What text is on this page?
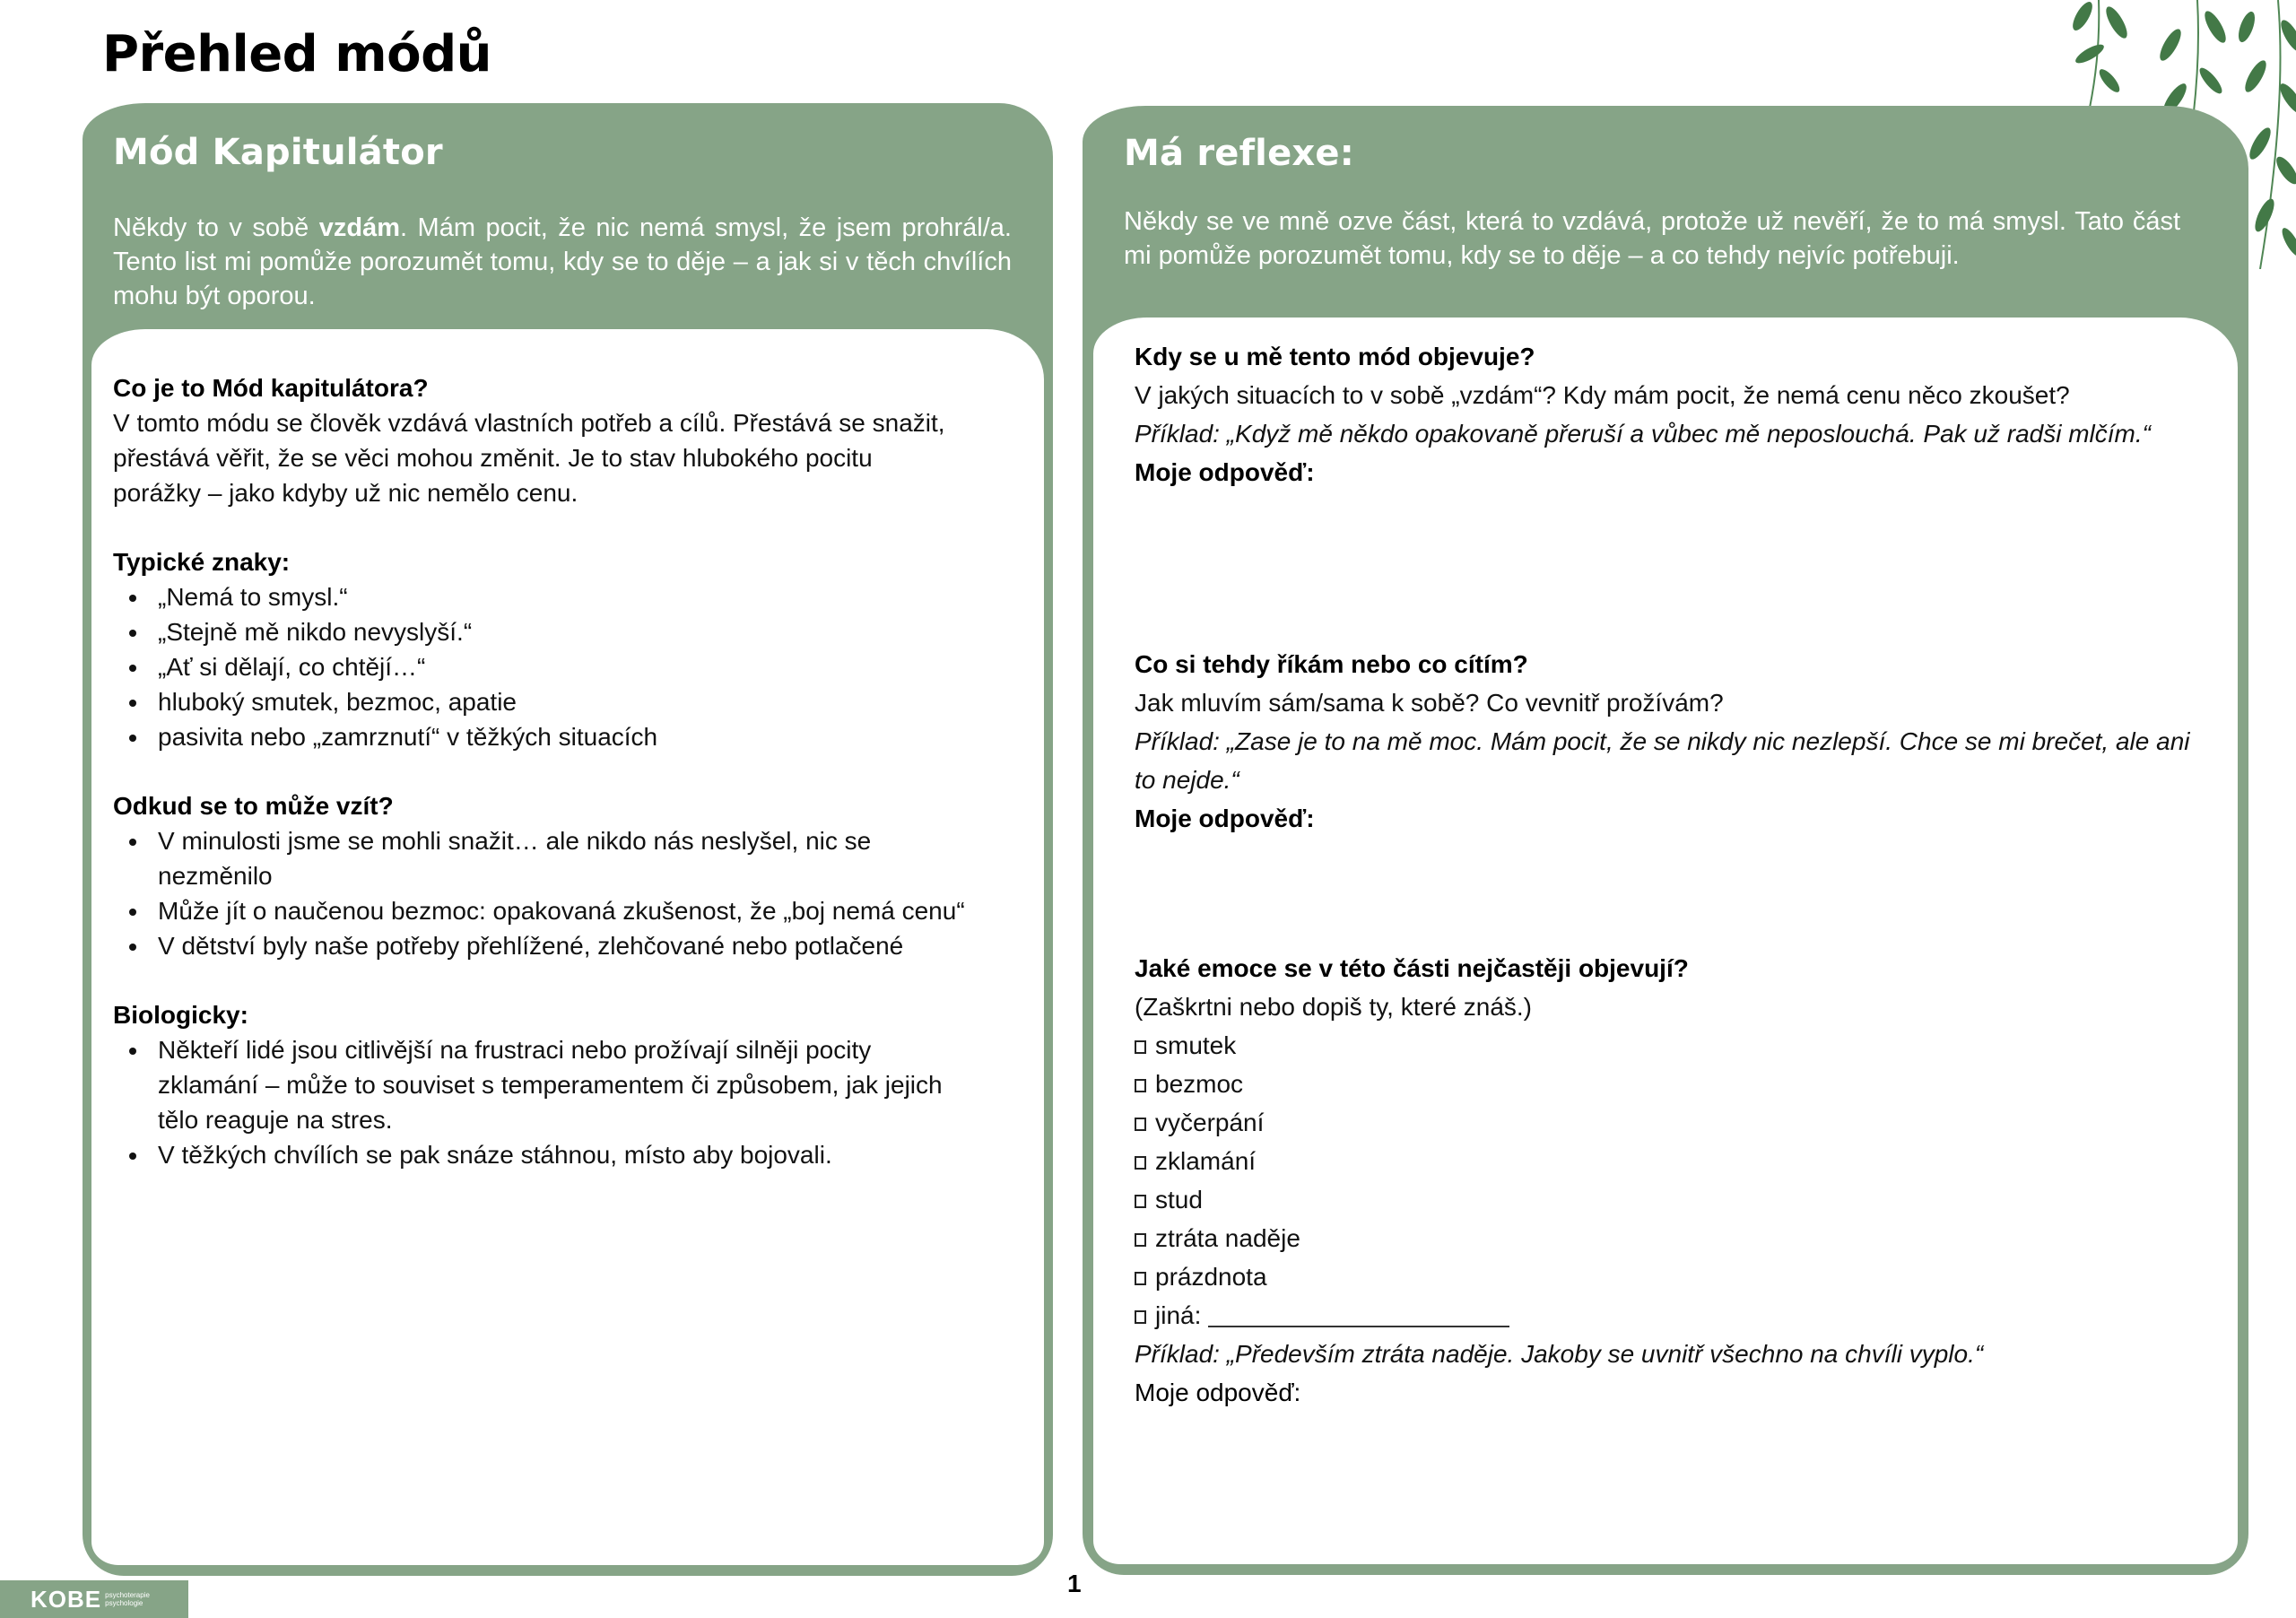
Přehled módů
Mód Kapitulátor
Někdy to v sobě vzdám. Mám pocit, že nic nemá smysl, že jsem prohrál/a. Tento list mi pomůže porozumět tomu, kdy se to děje – a jak si v těch chvílích mohu být oporou.
Co je to Mód kapitulátora?
V tomto módu se člověk vzdává vlastních potřeb a cílů. Přestává se snažit, přestává věřit, že se věci mohou změnit. Je to stav hlubokého pocitu porážky – jako kdyby už nic nemělo cenu.
Typické znaky:
„Nemá to smysl.“
„Stejně mě nikdo nevyslyší.“
„Ať si dělají, co chtějí…“
hluboký smutek, bezmoc, apatie
pasivita nebo „zamrznutí“ v těžkých situacích
Odkud se to může vzít?
V minulosti jsme se mohli snažit… ale nikdo nás neslyšel, nic se nezměnilo
Může jít o naučenou bezmoc: opakovaná zkušenost, že „boj nemá cenu“
V dětství byly naše potřeby přehlížené, zlehčované nebo potlačené
Biologicky:
Někteří lidé jsou citlivější na frustraci nebo prožívají silněji pocity zklamání – může to souviset s temperamentem či způsobem, jak jejich tělo reaguje na stres.
V těžkých chvílích se pak snáze stáhnou, místo aby bojovali.
Má reflexe:
Někdy se ve mně ozve část, která to vzdává, protože už nevěří, že to má smysl. Tato část mi pomůže porozumět tomu, kdy se to děje – a co tehdy nejvíc potřebuji.
Kdy se u mě tento mód objevuje?
V jakých situacích to v sobě „vzdám“? Kdy mám pocit, že nemá cenu něco zkoušet?
Příklad: „Když mě někdo opakovaně přeruší a vůbec mě neposlouchá. Pak už radši mlčím.“
Moje odpověď:
Co si tehdy říkám nebo co cítím?
Jak mluvím sám/sama k sobě? Co vevnitř prožívám?
Příklad: „Zase je to na mě moc. Mám pocit, že se nikdy nic nezlepší. Chce se mi brečet, ale ani to nejde.“
Moje odpověď:
Jaké emoce se v této části nejčastěji objevují?
(Zaškrtni nebo dopiš ty, které znáš.)
smutek
bezmoc
vyčerpání
zklamání
stud
ztráta naděje
prázdnota
jiná:
Příklad: „Především ztráta naděje. Jakoby se uvnitř všechno na chvíli vyplo.“
Moje odpověď:
1
KOBE psychoterapie
psychologie
